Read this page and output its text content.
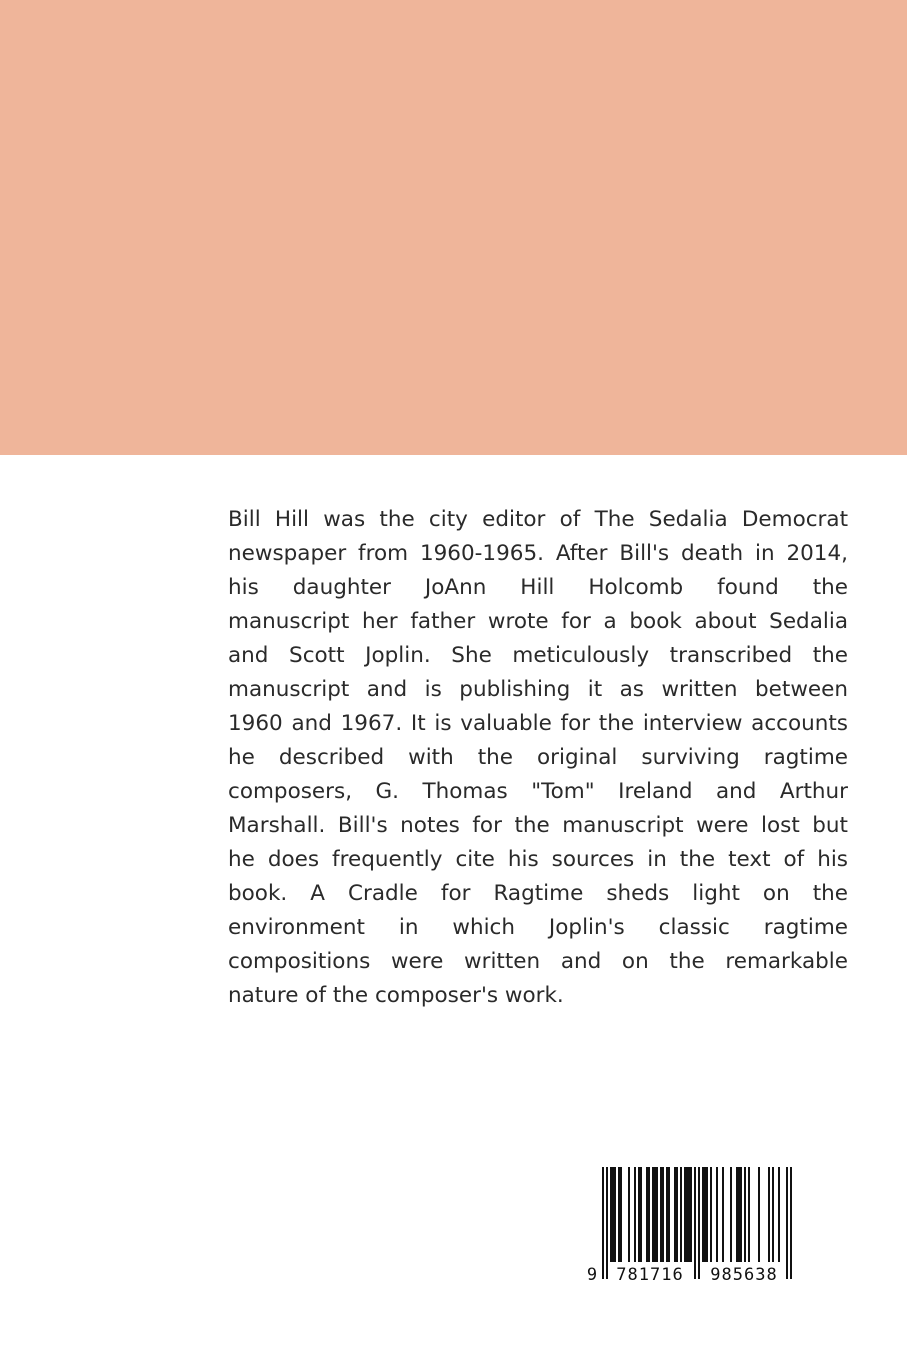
Bill Hill was the city editor of The Sedalia Democrat
newspaper from 1960-1965. After Bill's death in 2014,
his daughter JoAnn Hill Holcomb found the
manuscript her father wrote for a book about Sedalia
and Scott Joplin. She meticulously transcribed the
manuscript and is publishing it as written between
1960 and 1967. It is valuable for the interview accounts
he described with the original surviving ragtime
composers, G. Thomas "Tom" Ireland and Arthur
Marshall. Bill's notes for the manuscript were lost but
he does frequently cite his sources in the text of his
book. A Cradle for Ragtime sheds light on the
environment in which Joplin's classic ragtime
compositions were written and on the remarkable
nature of the composer's work.
9 781716 985638
